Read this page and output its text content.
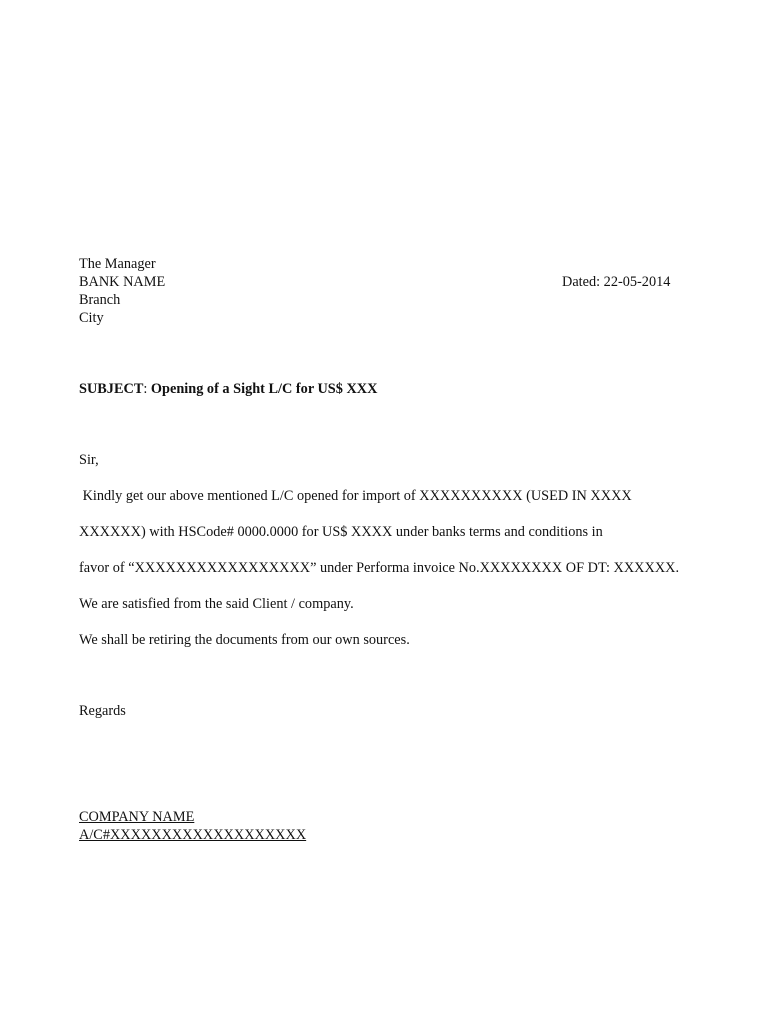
The Manager

BANK NAME

Branch

City

Dated: 22-05-2014

SUBJECT: Opening of a Sight L/C for US$ XXX

Sir,

Kindly get our above mentioned L/C opened for import of XXXXXXXXXX (USED IN XXXX

XXXXXX) with HSCode# 0000.0000 for US$ XXXX under banks terms and conditions in

favor of “XXXXXXXXXXXXXXXXX” under Performa invoice No.XXXXXXXX OF DT: XXXXXX.

We are satisfied from the said Client / company.

We shall be retiring the documents from our own sources.

Regards

COMPANY NAME

A/C#XXXXXXXXXXXXXXXXXXX
